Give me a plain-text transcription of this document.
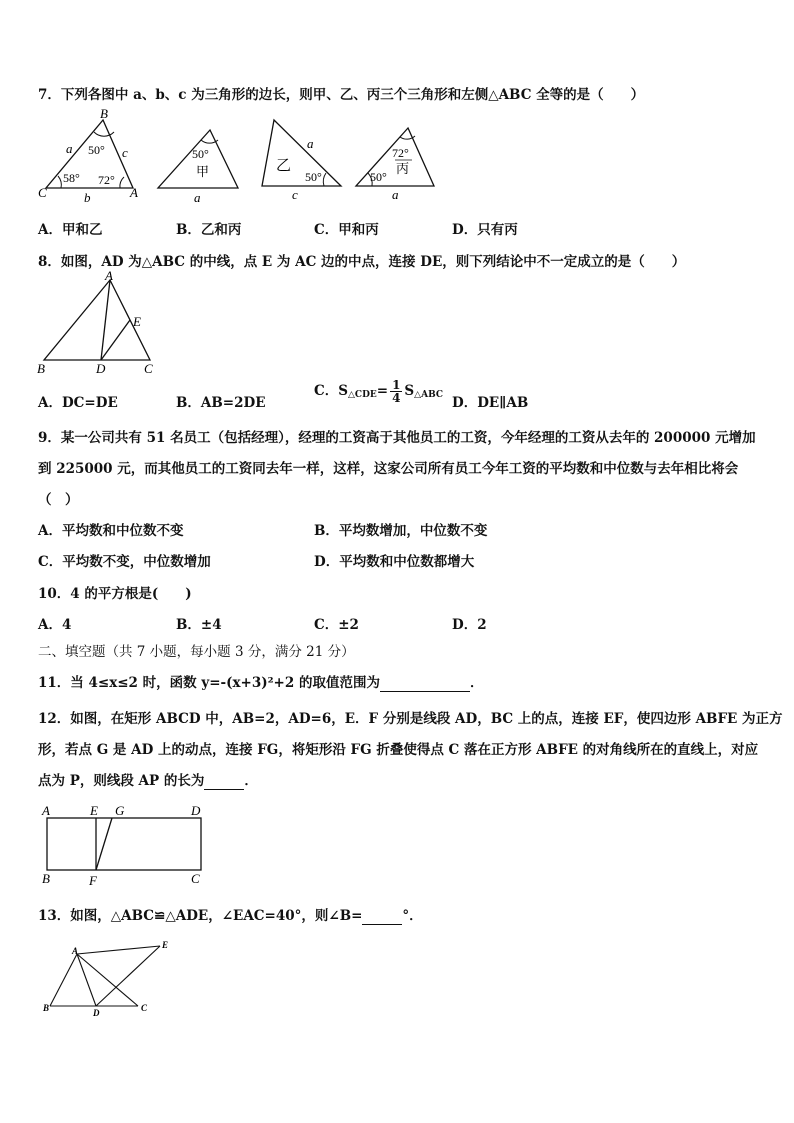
7．下列各图中 a、b、c 为三角形的边长，则甲、乙、丙三个三角形和左侧△ABC 全等的是（　　）
B
C	A
a	c
b
50°
58° 72°
50°
甲
a
乙
50°
a
c
72°
丙
50°
a
A．甲和乙	B．乙和丙	C．甲和丙	D．只有丙
8．如图，AD 为△ABC 的中线，点 E 为 AC 边的中点，连接 DE，则下列结论中不一定成立的是（　　）
A
B	C
D
E
A．DC=DE	B．AB=2DE
C．$S_{\triangle CDE}= \frac{1}{4} S_{\triangle ABC}$ D．DE∥AB
9．某一公司共有 51 名员工（包括经理），经理的工资高于其他员工的工资，今年经理的工资从去年的 200000 元增加
到 225000 元，而其他员工的工资同去年一样，这样，这家公司所有员工今年工资的平均数和中位数与去年相比将会
（　）
A．平均数和中位数不变	B．平均数增加，中位数不变
C．平均数不变，中位数增加	D．平均数和中位数都增大
10．4 的平方根是(　　)
A．4	B．±4	C．±2	D．2
二、填空题（共 7 小题，每小题 3 分，满分 21 分）
11．当 4≤x≤2 时，函数 y=-(x+3)²+2 的取值范围为	．
12．如图，在矩形 ABCD 中，AB=2，AD=6，E．F 分别是线段 AD，BC 上的点，连接 EF，使四边形 ABFE 为正方
形，若点 G 是 AD 上的动点，连接 FG，将矩形沿 FG 折叠使得点 C 落在正方形 ABFE 的对角线所在的直线上，对应
点为 P，则线段 AP 的长为	．
A	E G	D
B	F	C
13．如图，△ABC≌△ADE，∠EAC=40°，则∠B=	°．
A
E
B	D	C
